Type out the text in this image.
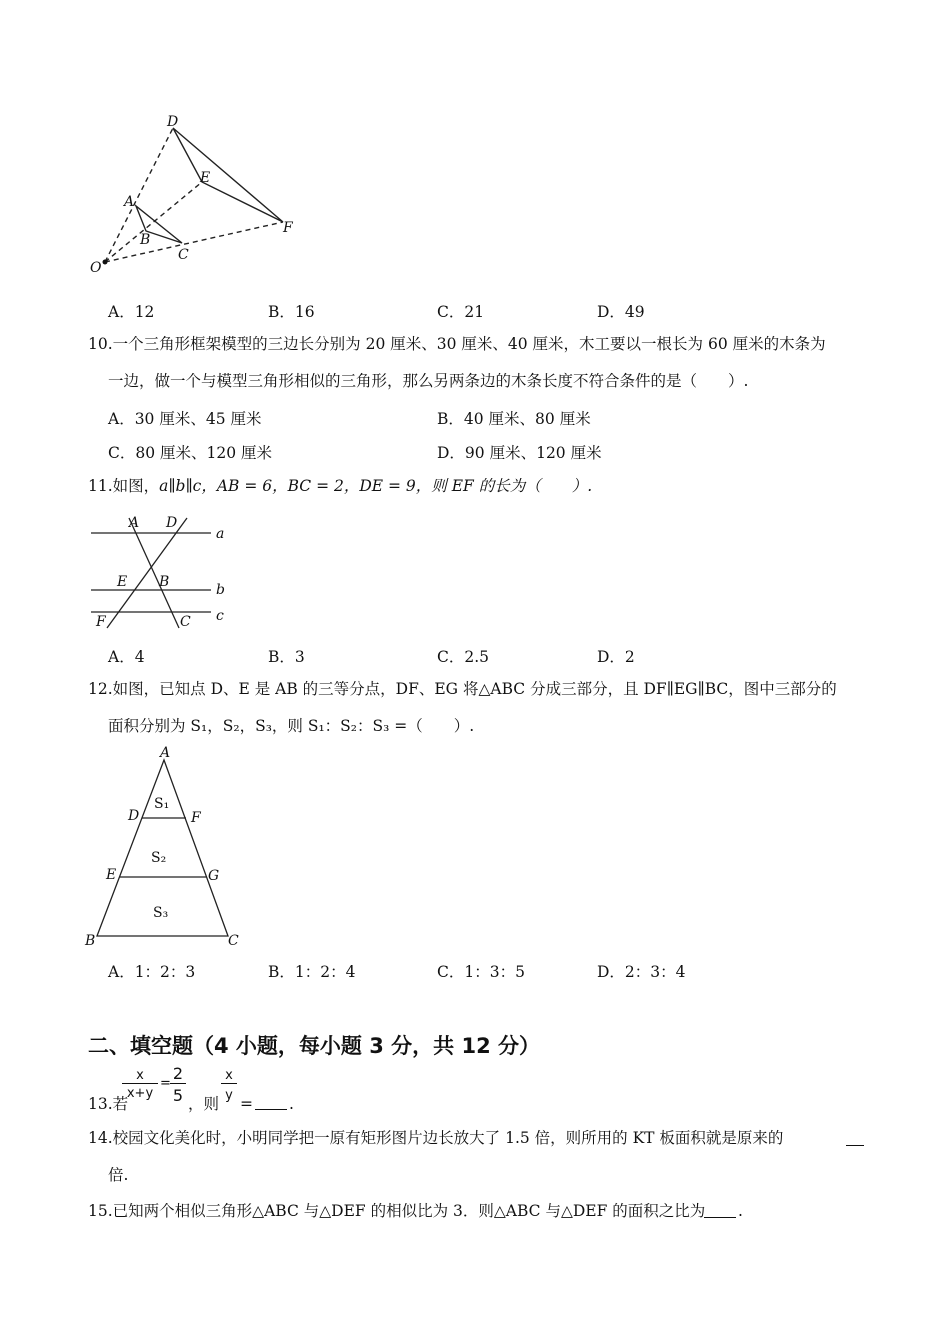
D
E
A
B
C
F
O
A．12	B．16	C．21	D．49
10.一个三角形框架模型的三边长分别为 20 厘米、30 厘米、40 厘米，木工要以一根长为 60 厘米的木条为
一边，做一个与模型三角形相似的三角形，那么另两条边的木条长度不符合条件的是（　　）.
A．30 厘米、45 厘米	B．40 厘米、80 厘米
C．80 厘米、120 厘米	D．90 厘米、120 厘米
11.如图，a∥b∥c，AB = 6，BC = 2，DE = 9，则 EF 的长为（　　）.
A D
a
E B	b
F	C c
A．4	B．3	C．2.5	D．2
12.如图，已知点 D、E 是 AB 的三等分点，DF、EG 将△ABC 分成三部分，且 DF∥EG∥BC，图中三部分的
面积分别为 S₁，S₂，S₃，则 S₁：S₂：S₃ =（　　）.
A
D	F
E	G
B	C
S₁
S₂
S₃
A．1：2：3	B．1：2：4	C．1：3：5	D．2：3：4
二、填空题（4 小题，每小题 3 分，共 12 分）
13.若
x
x+y
=
2
5 ，则
x
y = .
14.校园文化美化时，小明同学把一原有矩形图片边长放大了 1.5 倍，则所用的 KT 板面积就是原来的
倍.
15.已知两个相似三角形△ABC 与△DEF 的相似比为 3．则△ABC 与△DEF 的面积之比为 .
